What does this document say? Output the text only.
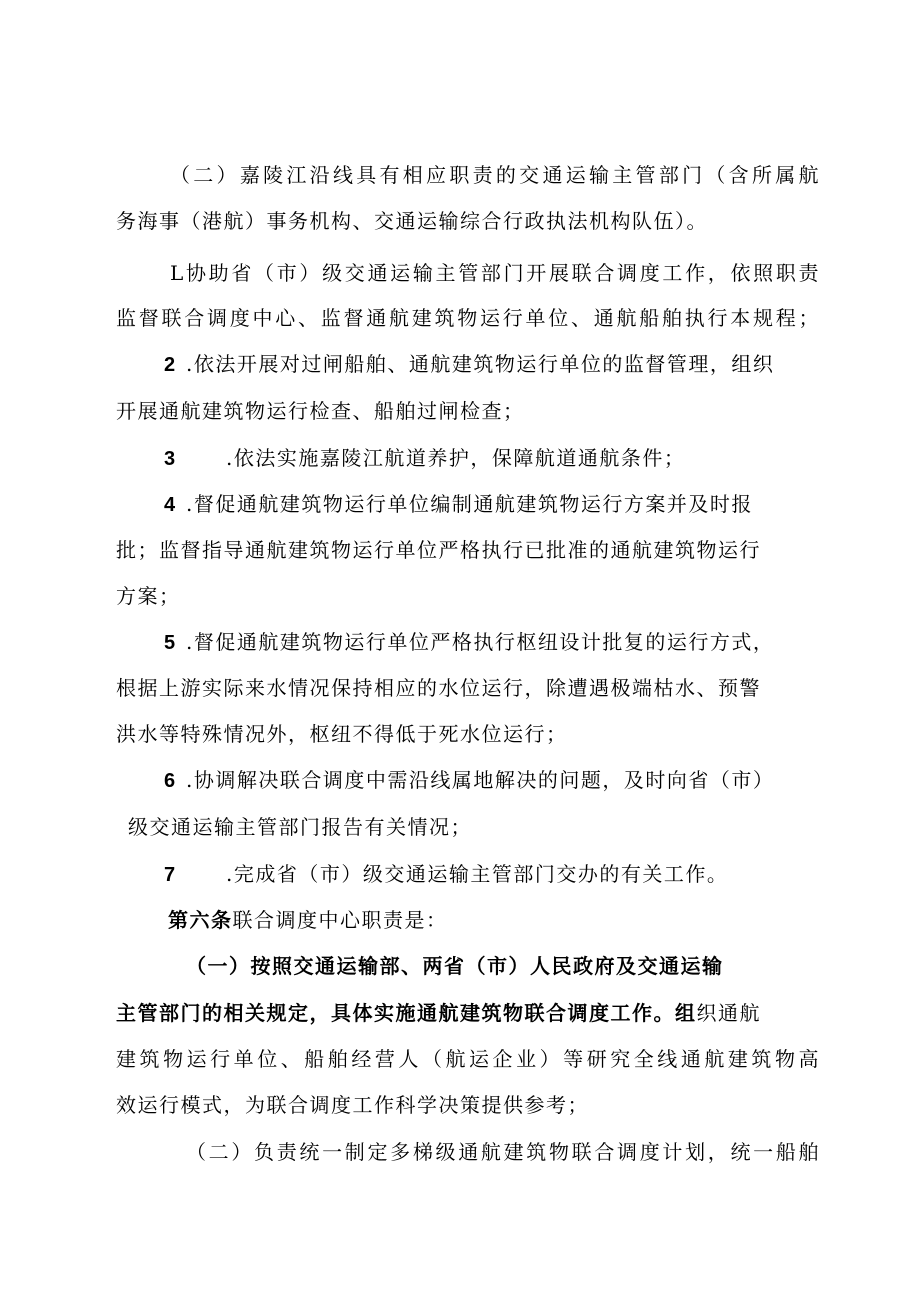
（二）嘉陵江沿线具有相应职责的交通运输主管部门（含所属航
务海事（港航）事务机构、交通运输综合行政执法机构队伍）。
L协助省（市）级交通运输主管部门开展联合调度工作，依照职责
监督联合调度中心、监督通航建筑物运行单位、通航船舶执行本规程；
2 .依法开展对过闸船舶、通航建筑物运行单位的监督管理，组织
开展通航建筑物运行检查、船舶过闸检查；
3 .依法实施嘉陵江航道养护，保障航道通航条件；
4 .督促通航建筑物运行单位编制通航建筑物运行方案并及时报
批；监督指导通航建筑物运行单位严格执行已批准的通航建筑物运行
方案；
5 .督促通航建筑物运行单位严格执行枢纽设计批复的运行方式，
根据上游实际来水情况保持相应的水位运行，除遭遇极端枯水、预警
洪水等特殊情况外，枢纽不得低于死水位运行；
6 .协调解决联合调度中需沿线属地解决的问题，及时向省（市）
级交通运输主管部门报告有关情况；
7 .完成省（市）级交通运输主管部门交办的有关工作。
第六条联合调度中心职责是：
（一）按照交通运输部、两省（市）人民政府及交通运输
主管部门的相关规定，具体实施通航建筑物联合调度工作。组织通航
建筑物运行单位、船舶经营人（航运企业）等研究全线通航建筑物高
效运行模式，为联合调度工作科学决策提供参考；
（二）负责统一制定多梯级通航建筑物联合调度计划，统一船舶
